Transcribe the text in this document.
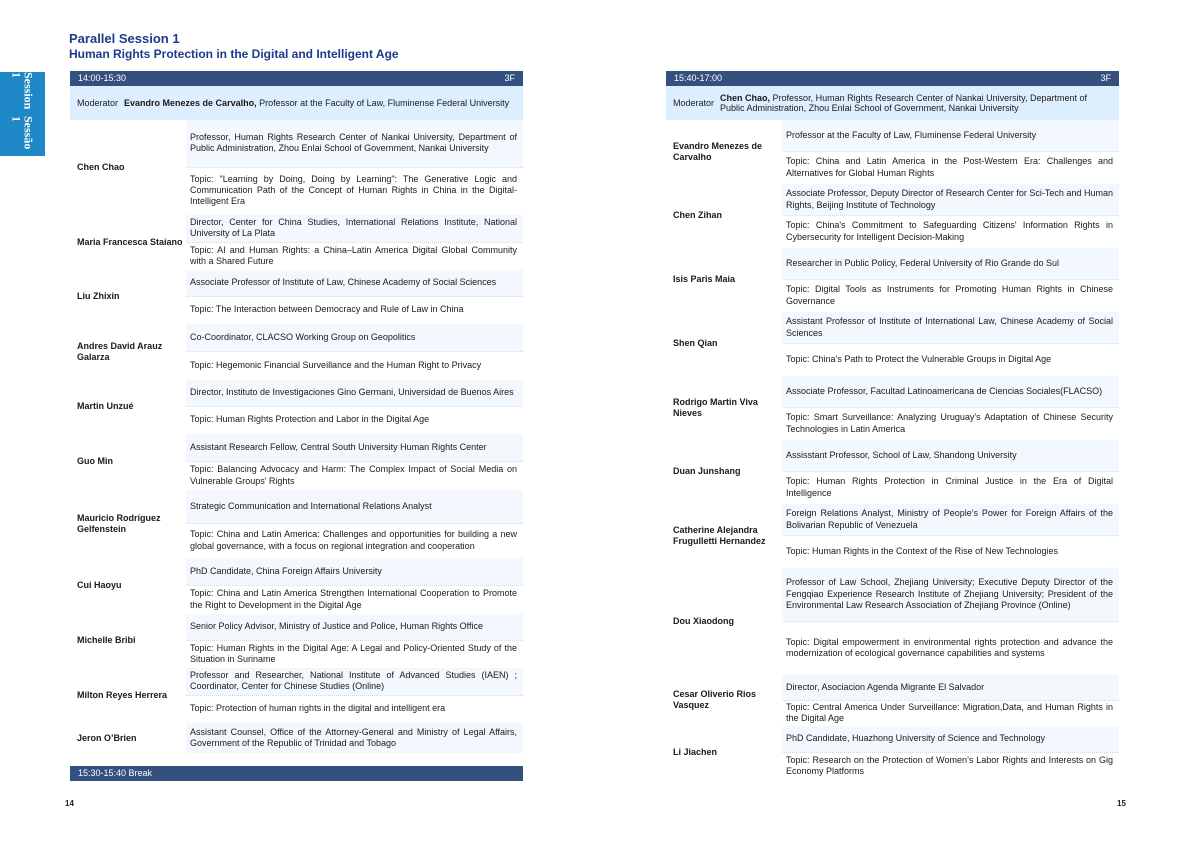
Parallel Session 1
Human Rights Protection in the Digital and Intelligent Age
Session 1
Sessão 1
14:00-15:30	3F
Moderator Evandro Menezes de Carvalho, Professor at the Faculty of Law, Fluminense Federal University
Chen Chao
Professor, Human Rights Research Center of Nankai University, Department of Public Administration, Zhou Enlai School of Government, Nankai University
Topic: "Learning by Doing, Doing by Learning": The Generative Logic and Communication Path of the Concept of Human Rights in China in the Digital-Intelligent Era
Maria Francesca Staiano
Director, Center for China Studies, International Relations Institute, National University of La Plata
Topic: AI and Human Rights: a China–Latin America Digital Global Community with a Shared Future
Liu Zhixin
Associate Professor of Institute of Law, Chinese Academy of Social Sciences
Topic: The Interaction between Democracy and Rule of Law in China
Andres David Arauz Galarza
Co-Coordinator, CLACSO Working Group on Geopolitics
Topic: Hegemonic Financial Surveillance and the Human Right to Privacy
Martin Unzué
Director, Instituto de Investigaciones Gino Germani, Universidad de Buenos Aires
Topic: Human Rights Protection and Labor in the Digital Age
Guo Min
Assistant Research Fellow, Central South University Human Rights Center
Topic: Balancing Advocacy and Harm: The Complex Impact of Social Media on Vulnerable Groups' Rights
Mauricio Rodríguez Gelfenstein
Strategic Communication and International Relations Analyst
Topic: China and Latin America: Challenges and opportunities for building a new global governance, with a focus on regional integration and cooperation
Cui Haoyu
PhD Candidate, China Foreign Affairs University
Topic: China and Latin America Strengthen International Cooperation to Promote the Right to Development in the Digital Age
Michelle Bribi
Senior Policy Advisor, Ministry of Justice and Police, Human Rights Office
Topic: Human Rights in the Digital Age: A Legal and Policy-Oriented Study of the Situation in Suriname
Milton Reyes Herrera
Professor and Researcher, National Institute of Advanced Studies (IAEN) ; Coordinator, Center for Chinese Studies (Online)
Topic: Protection of human rights in the digital and intelligent era
Jeron O’Brien
Assistant Counsel, Office of the Attorney-General and Ministry of Legal Affairs, Government of the Republic of Trinidad and Tobago
15:30-15:40 Break
15:40-17:00	3F
Moderator
Chen Chao, Professor, Human Rights Research Center of Nankai University, Department of Public Administration, Zhou Enlai School of Government, Nankai University
Evandro Menezes de Carvalho
Professor at the Faculty of Law, Fluminense Federal University
Topic: China and Latin America in the Post-Western Era: Challenges and Alternatives for Global Human Rights
Chen Zihan
Associate Professor, Deputy Director of Research Center for Sci-Tech and Human Rights, Beijing Institute of Technology
Topic: China's Commitment to Safeguarding Citizens' Information Rights in Cybersecurity for Intelligent Decision-Making
Isis Paris Maia
Researcher in Public Policy, Federal University of Rio Grande do Sul
Topic: Digital Tools as Instruments for Promoting Human Rights in Chinese Governance
Shen Qian
Assistant Professor of Institute of International Law, Chinese Academy of Social Sciences
Topic: China’s Path to Protect the Vulnerable Groups in Digital Age
Rodrigo Martin Viva Nieves
Associate Professor, Facultad Latinoamericana de Ciencias Sociales(FLACSO)
Topic: Smart Surveillance: Analyzing Uruguay's Adaptation of Chinese Security Technologies in Latin America
Duan Junshang
Assisstant Professor, School of Law, Shandong University
Topic: Human Rights Protection in Criminal Justice in the Era of Digital Intelligence
Catherine Alejandra Frugulletti Hernandez
Foreign Relations Analyst, Ministry of People's Power for Foreign Affairs of the Bolivarian Republic of Venezuela
Topic: Human Rights in the Context of the Rise of New Technologies
Dou Xiaodong
Professor of Law School, Zhejiang University; Executive Deputy Director of the Fengqiao Experience Research Institute of Zhejiang University; President of the Environmental Law Research Association of Zhejiang Province (Online)
Topic: Digital empowerment in environmental rights protection and advance the modernization of ecological governance capabilities and systems
Cesar Oliverio Rios Vasquez
Director, Asociacion Agenda Migrante El Salvador
Topic: Central America Under Surveillance: Migration,Data, and Human Rights in the Digital Age
Li Jiachen
PhD Candidate, Huazhong University of Science and Technology
Topic: Research on the Protection of Women’s Labor Rights and Interests on Gig Economy Platforms
14	15
